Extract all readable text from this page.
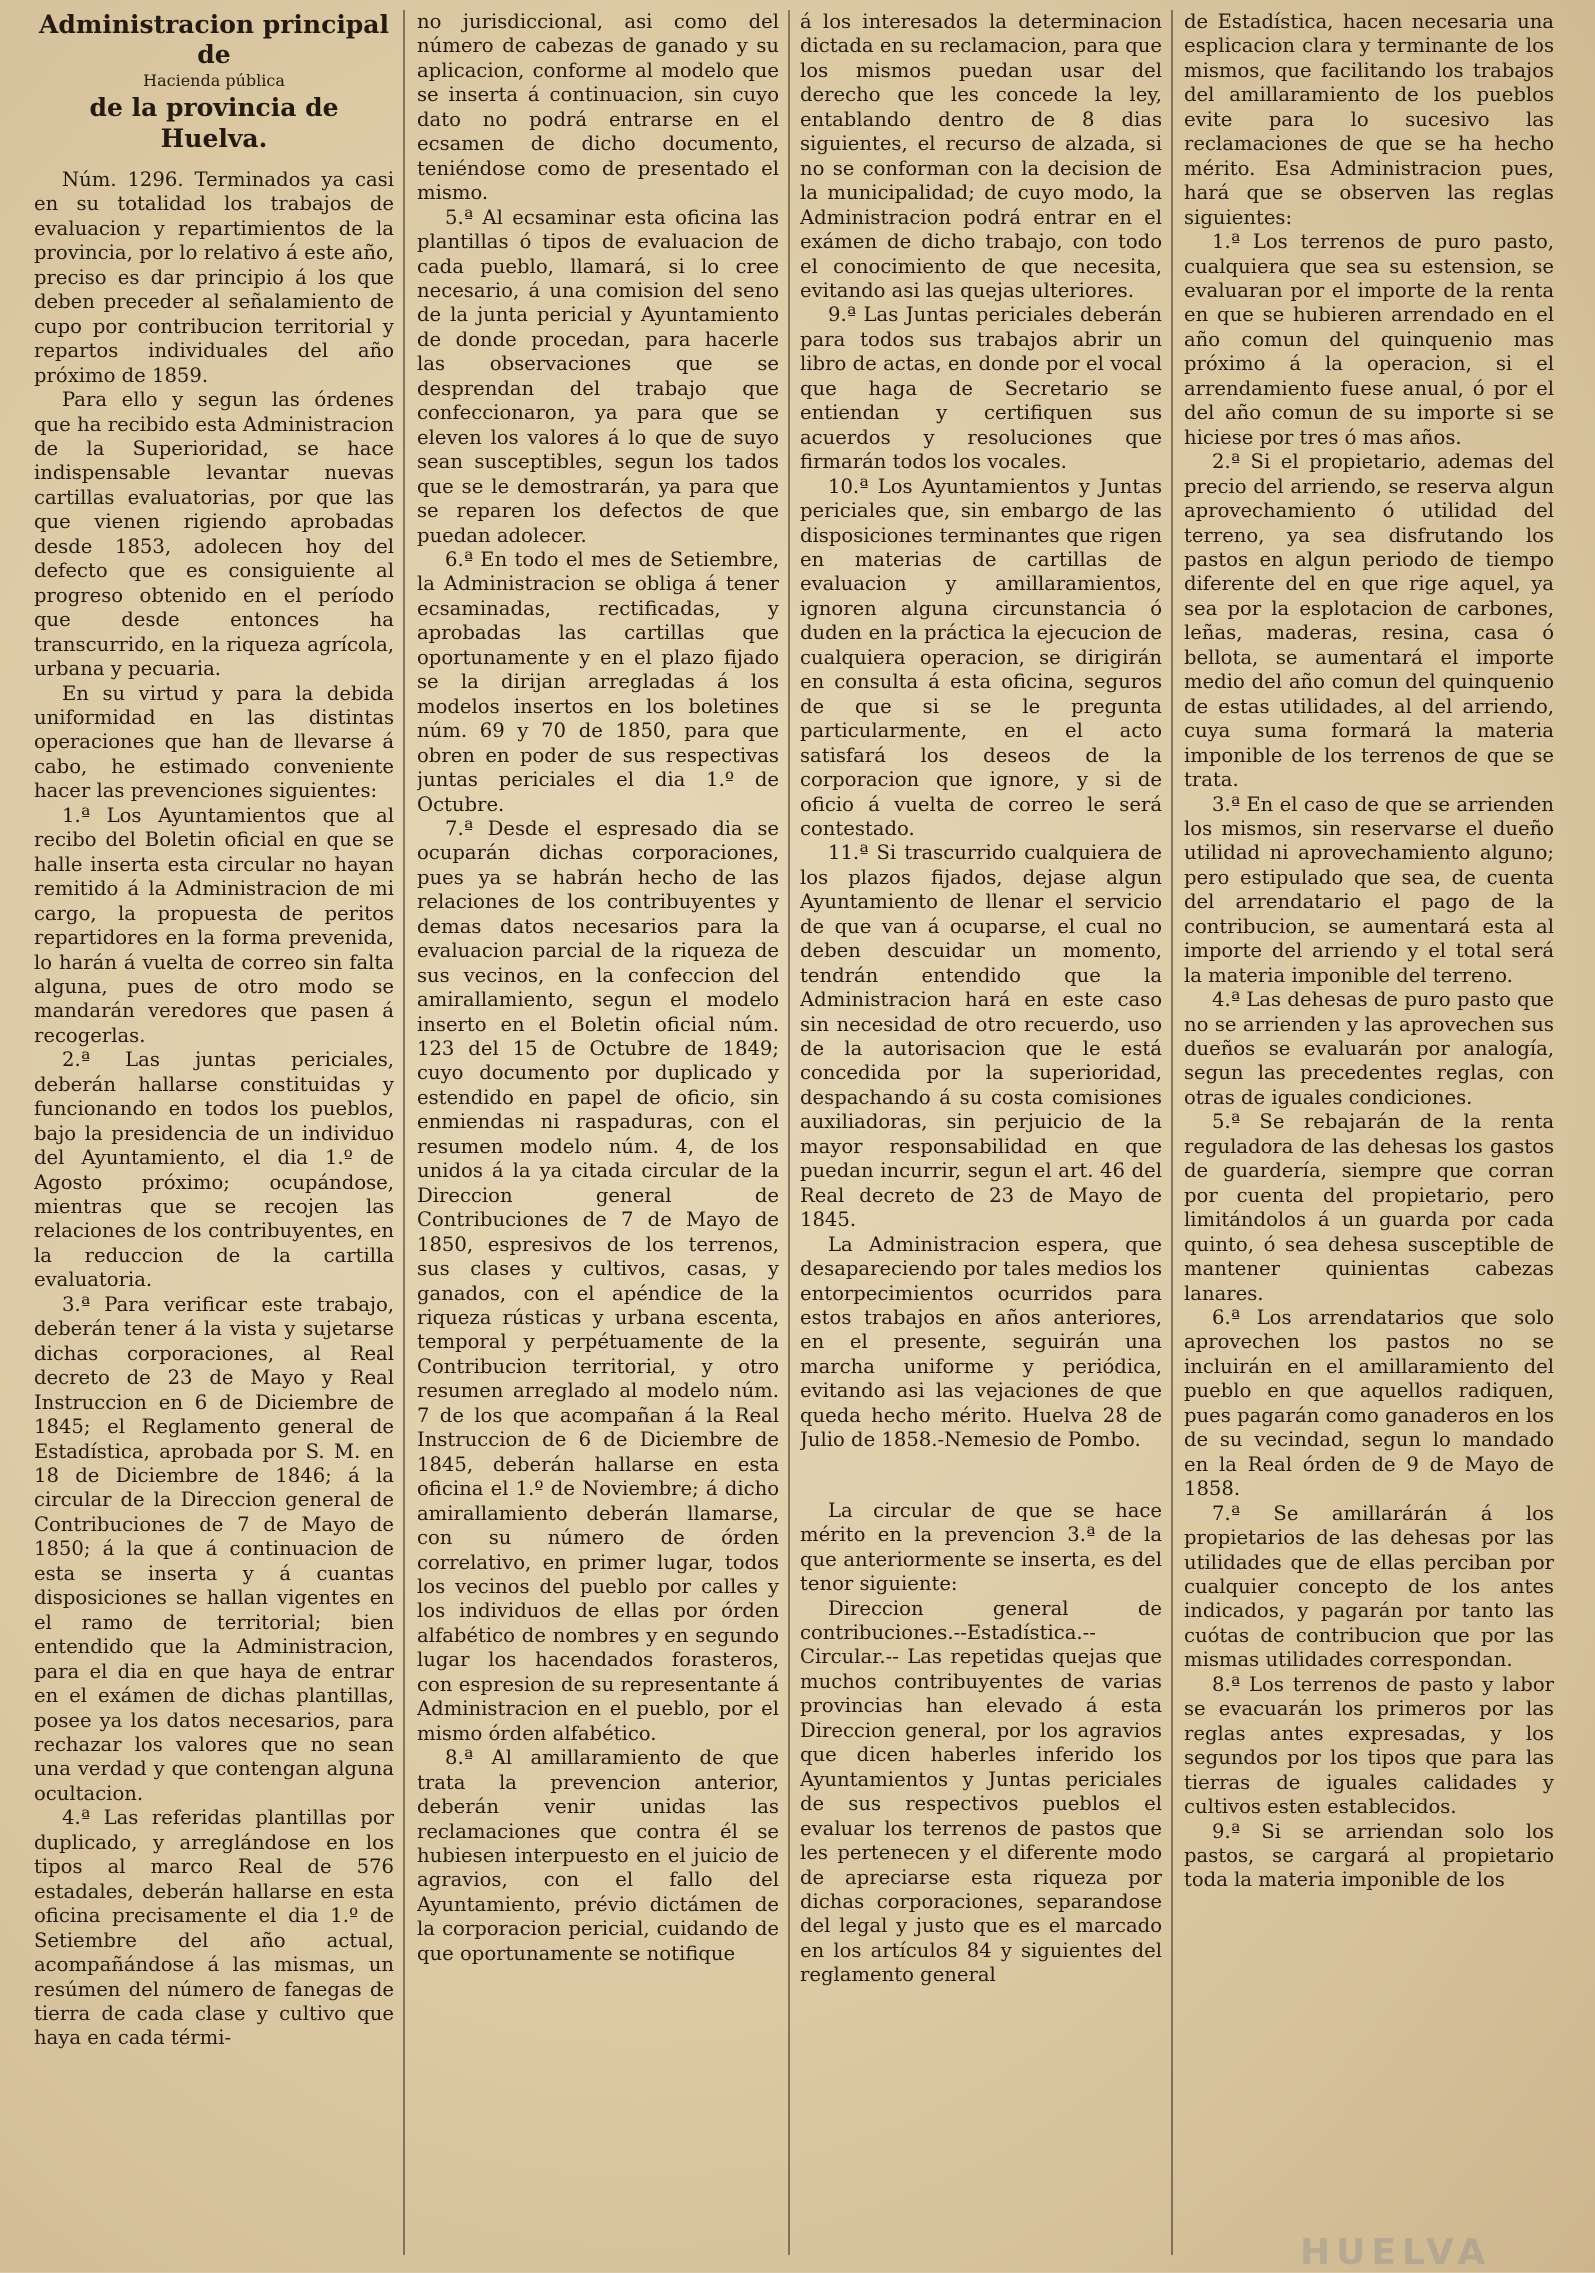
Administracion principal de

Hacienda pública

de la provincia de Huelva.

Núm. 1296. Terminados ya casi en su totalidad los trabajos de evaluacion y repartimientos de la provincia, por lo relativo á este año, preciso es dar principio á los que deben preceder al señalamiento de cupo por contribucion territorial y repartos individuales del año próximo de 1859.

Para ello y segun las órdenes que ha recibido esta Administracion de la Superioridad, se hace indispensable levantar nuevas cartillas evaluatorias, por que las que vienen rigiendo aprobadas desde 1853, adolecen hoy del defecto que es consiguiente al progreso obtenido en el período que desde entonces ha transcurrido, en la riqueza agrícola, urbana y pecuaria.

En su virtud y para la debida uniformidad en las distintas operaciones que han de llevarse á cabo, he estimado conveniente hacer las prevenciones siguientes:

1.ª Los Ayuntamientos que al recibo del Boletin oficial en que se halle inserta esta circular no hayan remitido á la Administracion de mi cargo, la propuesta de peritos repartidores en la forma prevenida, lo harán á vuelta de correo sin falta alguna, pues de otro modo se mandarán veredores que pasen á recogerlas.

2.ª Las juntas periciales, deberán hallarse constituidas y funcionando en todos los pueblos, bajo la presidencia de un individuo del Ayuntamiento, el dia 1.º de Agosto próximo; ocupándose, mientras que se recojen las relaciones de los contribuyentes, en la reduccion de la cartilla evaluatoria.

3.ª Para verificar este trabajo, deberán tener á la vista y sujetarse dichas corporaciones, al Real decreto de 23 de Mayo y Real Instruccion en 6 de Diciembre de 1845; el Reglamento general de Estadística, aprobada por S. M. en 18 de Diciembre de 1846; á la circular de la Direccion general de Contribuciones de 7 de Mayo de 1850; á la que á continuacion de esta se inserta y á cuantas disposiciones se hallan vigentes en el ramo de territorial; bien entendido que la Administracion, para el dia en que haya de entrar en el exámen de dichas plantillas, posee ya los datos necesarios, para rechazar los valores que no sean una verdad y que contengan alguna ocultacion.

4.ª Las referidas plantillas por duplicado, y arreglándose en los tipos al marco Real de 576 estadales, deberán hallarse en esta oficina precisamente el dia 1.º de Setiembre del año actual, acompañándose á las mismas, un resúmen del número de fanegas de tierra de cada clase y cultivo que haya en cada térmi-

no jurisdiccional, asi como del número de cabezas de ganado y su aplicacion, conforme al modelo que se inserta á continuacion, sin cuyo dato no podrá entrarse en el ecsamen de dicho documento, teniéndose como de presentado el mismo.

5.ª Al ecsaminar esta oficina las plantillas ó tipos de evaluacion de cada pueblo, llamará, si lo cree necesario, á una comision del seno de la junta pericial y Ayuntamiento de donde procedan, para hacerle las observaciones que se desprendan del trabajo que confeccionaron, ya para que se eleven los valores á lo que de suyo sean susceptibles, segun los tados que se le demostrarán, ya para que se reparen los defectos de que puedan adolecer.

6.ª En todo el mes de Setiembre, la Administracion se obliga á tener ecsaminadas, rectificadas, y aprobadas las cartillas que oportunamente y en el plazo fijado se la dirijan arregladas á los modelos insertos en los boletines núm. 69 y 70 de 1850, para que obren en poder de sus respectivas juntas periciales el dia 1.º de Octubre.

7.ª Desde el espresado dia se ocuparán dichas corporaciones, pues ya se habrán hecho de las relaciones de los contribuyentes y demas datos necesarios para la evaluacion parcial de la riqueza de sus vecinos, en la confeccion del amirallamiento, segun el modelo inserto en el Boletin oficial núm. 123 del 15 de Octubre de 1849; cuyo documento por duplicado y estendido en papel de oficio, sin enmiendas ni raspaduras, con el resumen modelo núm. 4, de los unidos á la ya citada circular de la Direccion general de Contribuciones de 7 de Mayo de 1850, espresivos de los terrenos, sus clases y cultivos, casas, y ganados, con el apéndice de la riqueza rústicas y urbana escenta, temporal y perpétuamente de la Contribucion territorial, y otro resumen arreglado al modelo núm. 7 de los que acompañan á la Real Instruccion de 6 de Diciembre de 1845, deberán hallarse en esta oficina el 1.º de Noviembre; á dicho amirallamiento deberán llamarse, con su número de órden correlativo, en primer lugar, todos los vecinos del pueblo por calles y los individuos de ellas por órden alfabético de nombres y en segundo lugar los hacendados forasteros, con espresion de su representante á Administracion en el pueblo, por el mismo órden alfabético.

8.ª Al amillaramiento de que trata la prevencion anterior, deberán venir unidas las reclamaciones que contra él se hubiesen interpuesto en el juicio de agravios, con el fallo del Ayuntamiento, prévio dictámen de la corporacion pericial, cuidando de que oportunamente se notifique

á los interesados la determinacion dictada en su reclamacion, para que los mismos puedan usar del derecho que les concede la ley, entablando dentro de 8 dias siguientes, el recurso de alzada, si no se conforman con la decision de la municipalidad; de cuyo modo, la Administracion podrá entrar en el exámen de dicho trabajo, con todo el conocimiento de que necesita, evitando asi las quejas ulteriores.

9.ª Las Juntas periciales deberán para todos sus trabajos abrir un libro de actas, en donde por el vocal que haga de Secretario se entiendan y certifiquen sus acuerdos y resoluciones que firmarán todos los vocales.

10.ª Los Ayuntamientos y Juntas periciales que, sin embargo de las disposiciones terminantes que rigen en materias de cartillas de evaluacion y amillaramientos, ignoren alguna circunstancia ó duden en la práctica la ejecucion de cualquiera operacion, se dirigirán en consulta á esta oficina, seguros de que si se le pregunta particularmente, en el acto satisfará los deseos de la corporacion que ignore, y si de oficio á vuelta de correo le será contestado.

11.ª Si trascurrido cualquiera de los plazos fijados, dejase algun Ayuntamiento de llenar el servicio de que van á ocuparse, el cual no deben descuidar un momento, tendrán entendido que la Administracion hará en este caso sin necesidad de otro recuerdo, uso de la autorisacion que le está concedida por la superioridad, despachando á su costa comisiones auxiliadoras, sin perjuicio de la mayor responsabilidad en que puedan incurrir, segun el art. 46 del Real decreto de 23 de Mayo de 1845.

La Administracion espera, que desapareciendo por tales medios los entorpecimientos ocurridos para estos trabajos en años anteriores, en el presente, seguirán una marcha uniforme y periódica, evitando asi las vejaciones de que queda hecho mérito. Huelva 28 de Julio de 1858.-Nemesio de Pombo.

La circular de que se hace mérito en la prevencion 3.ª de la que anteriormente se inserta, es del tenor siguiente:

Direccion general de contribuciones.--Estadística.--Circular.-- Las repetidas quejas que muchos contribuyentes de varias provincias han elevado á esta Direccion general, por los agravios que dicen haberles inferido los Ayuntamientos y Juntas periciales de sus respectivos pueblos el evaluar los terrenos de pastos que les pertenecen y el diferente modo de apreciarse esta riqueza por dichas corporaciones, separandose del legal y justo que es el marcado en los artículos 84 y siguientes del reglamento general

de Estadística, hacen necesaria una esplicacion clara y terminante de los mismos, que facilitando los trabajos del amillaramiento de los pueblos evite para lo sucesivo las reclamaciones de que se ha hecho mérito. Esa Administracion pues, hará que se observen las reglas siguientes:

1.ª Los terrenos de puro pasto, cualquiera que sea su estension, se evaluaran por el importe de la renta en que se hubieren arrendado en el año comun del quinquenio mas próximo á la operacion, si el arrendamiento fuese anual, ó por el del año comun de su importe si se hiciese por tres ó mas años.

2.ª Si el propietario, ademas del precio del arriendo, se reserva algun aprovechamiento ó utilidad del terreno, ya sea disfrutando los pastos en algun periodo de tiempo diferente del en que rige aquel, ya sea por la esplotacion de carbones, leñas, maderas, resina, casa ó bellota, se aumentará el importe medio del año comun del quinquenio de estas utilidades, al del arriendo, cuya suma formará la materia imponible de los terrenos de que se trata.

3.ª En el caso de que se arrienden los mismos, sin reservarse el dueño utilidad ni aprovechamiento alguno; pero estipulado que sea, de cuenta del arrendatario el pago de la contribucion, se aumentará esta al importe del arriendo y el total será la materia imponible del terreno.

4.ª Las dehesas de puro pasto que no se arrienden y las aprovechen sus dueños se evaluarán por analogía, segun las precedentes reglas, con otras de iguales condiciones.

5.ª Se rebajarán de la renta reguladora de las dehesas los gastos de guardería, siempre que corran por cuenta del propietario, pero limitándolos á un guarda por cada quinto, ó sea dehesa susceptible de mantener quinientas cabezas lanares.

6.ª Los arrendatarios que solo aprovechen los pastos no se incluirán en el amillaramiento del pueblo en que aquellos radiquen, pues pagarán como ganaderos en los de su vecindad, segun lo mandado en la Real órden de 9 de Mayo de 1858.

7.ª Se amillarárán á los propietarios de las dehesas por las utilidades que de ellas perciban por cualquier concepto de los antes indicados, y pagarán por tanto las cuótas de contribucion que por las mismas utilidades correspondan.

8.ª Los terrenos de pasto y labor se evacuarán los primeros por las reglas antes expresadas, y los segundos por los tipos que para las tierras de iguales calidades y cultivos esten establecidos.

9.ª Si se arriendan solo los pastos, se cargará al propietario toda la materia imponible de los

HUELVA
